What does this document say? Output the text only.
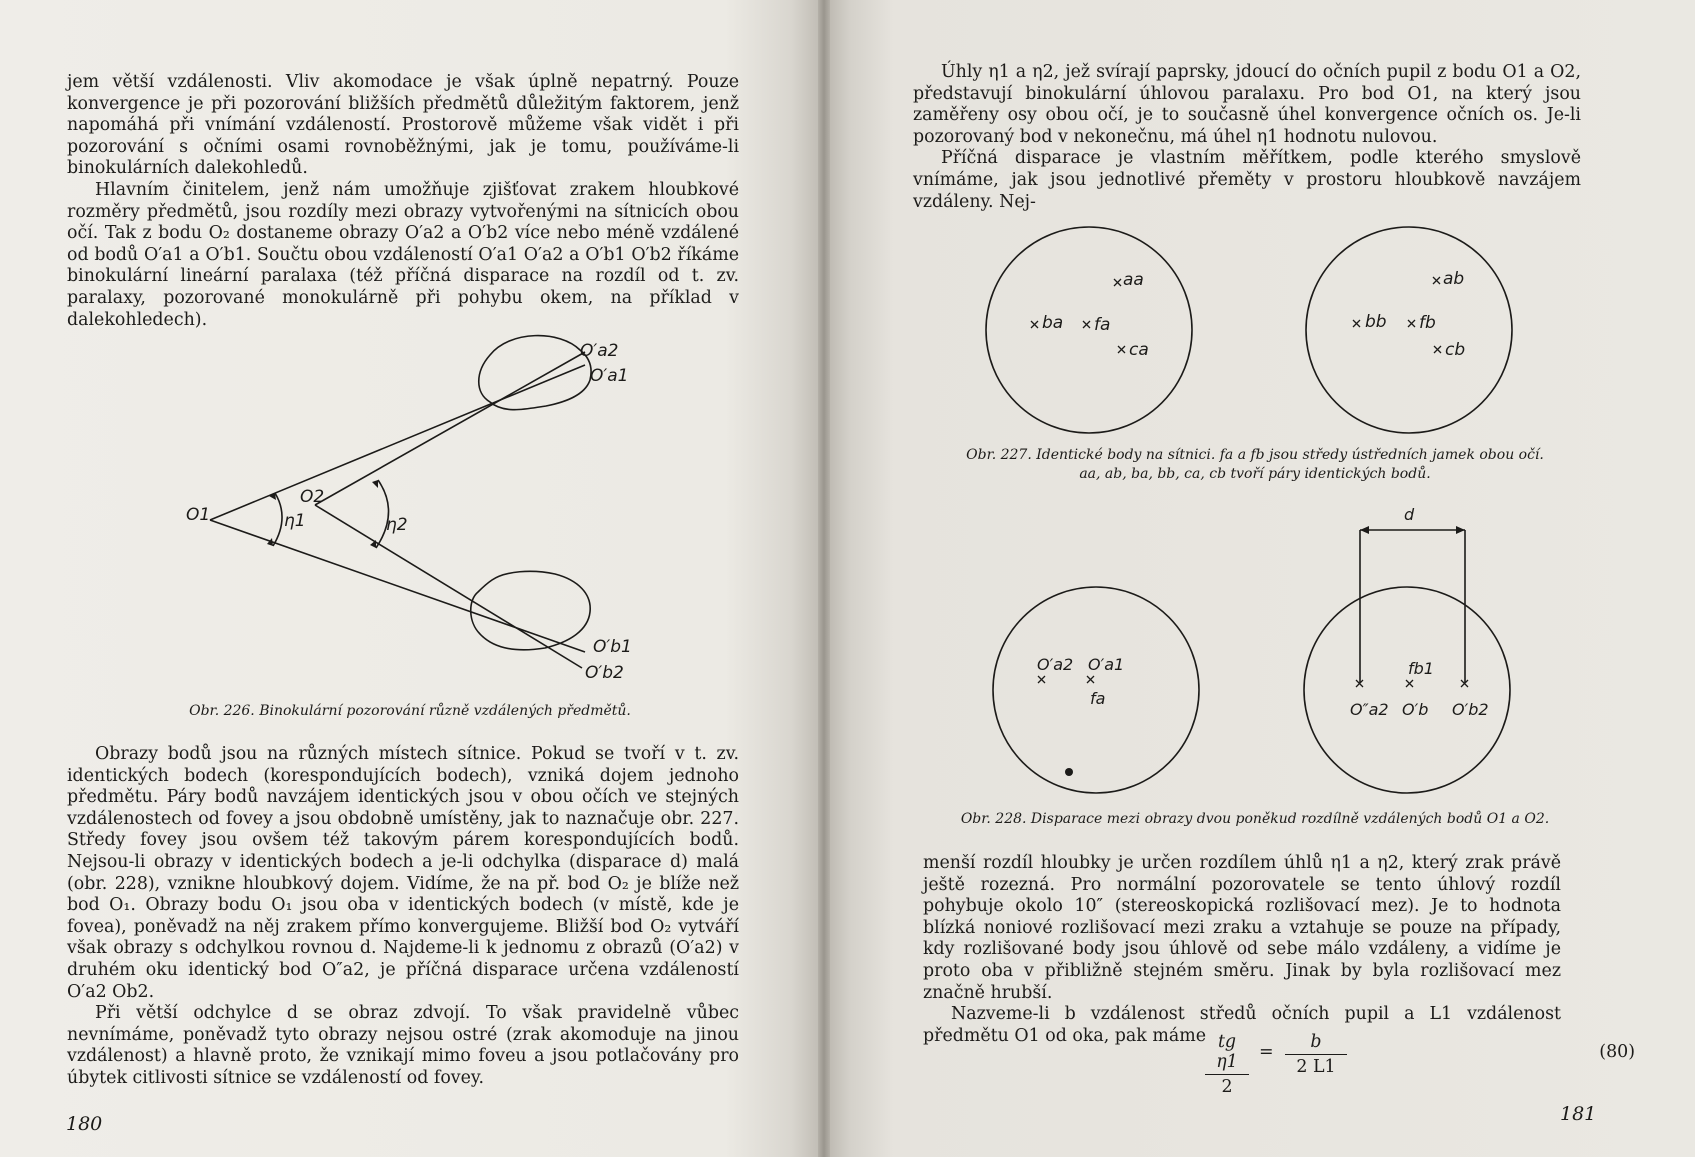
jem větší vzdálenosti. Vliv akomodace je však úplně nepatrný. Pouze konvergence je při pozorování bližších předmětů důležitým faktorem, jenž napomáhá při vnímání vzdáleností. Prostorově můžeme však vidět i při pozorování s očními osami rovnoběžnými, jak je tomu, používáme-li binokulárních dalekohledů.

Hlavním činitelem, jenž nám umožňuje zjišťovat zrakem hloubkové rozměry předmětů, jsou rozdíly mezi obrazy vytvořenými na sítnicích obou očí. Tak z bodu O₂ dostaneme obrazy O′a2 a O′b2 více nebo méně vzdálené od bodů O′a1 a O′b1. Součtu obou vzdáleností O′a1 O′a2 a O′b1 O′b2 říkáme binokulární lineární paralaxa (též příčná disparace na rozdíl od t. zv. paralaxy, pozorované monokulárně při pohybu okem, na příklad v dalekohledech).

O′a2
O′a1
O′b1
O′b2
O1
O2
η1	η2
Obr. 226. Binokulární pozorování různě vzdálených předmětů.

Obrazy bodů jsou na různých místech sítnice. Pokud se tvoří v t. zv. identických bodech (korespondujících bodech), vzniká dojem jednoho předmětu. Páry bodů navzájem identických jsou v obou očích ve stejných vzdálenostech od fovey a jsou obdobně umístěny, jak to naznačuje obr. 227. Středy fovey jsou ovšem též takovým párem korespondujících bodů. Nejsou-li obrazy v identických bodech a je-li odchylka (disparace d) malá (obr. 228), vznikne hloubkový dojem. Vidíme, že na př. bod O₂ je blíže než bod O₁. Obrazy bodu O₁ jsou oba v identických bodech (v místě, kde je fovea), poněvadž na něj zrakem přímo konvergujeme. Bližší bod O₂ vytváří však obrazy s odchylkou rovnou d. Najdeme-li k jednomu z obrazů (O′a2) v druhém oku identický bod O″a2, je příčná disparace určena vzdáleností O′a2 Ob2.

Při větší odchylce d se obraz zdvojí. To však pravidelně vůbec nevnímáme, poněvadž tyto obrazy nejsou ostré (zrak akomoduje na jinou vzdálenost) a hlavně proto, že vznikají mimo foveu a jsou potlačovány pro úbytek citlivosti sítnice se vzdáleností od fovey.

180

Úhly η1 a η2, jež svírají paprsky, jdoucí do očních pupil z bodu O1 a O2, představují binokulární úhlovou paralaxu. Pro bod O1, na který jsou zaměřeny osy obou očí, je to současně úhel konvergence očních os. Je-li pozorovaný bod v nekonečnu, má úhel η1 hodnotu nulovou.

Příčná disparace je vlastním měřítkem, podle kterého smyslově vnímáme, jak jsou jednotlivé přeměty v prostoru hloubkově navzájem vzdáleny. Nej-

aa
ba fa
ca
ab
bb fb
cb
Obr. 227. Identické body na sítnici. fa a fb jsou středy ústředních jamek obou očí.
aa, ab, ba, bb, ca, cb tvoří páry identických bodů.
d
O′a2 O′a1
fa
fb1
O″a2 O′b O′b2
Obr. 228. Disparace mezi obrazy dvou poněkud rozdílně vzdálených bodů O1 a O2.

menší rozdíl hloubky je určen rozdílem úhlů η1 a η2, který zrak právě ještě rozezná. Pro normální pozorovatele se tento úhlový rozdíl pohybuje okolo 10″ (stereoskopická rozlišovací mez). Je to hodnota blízká noniové rozlišovací mezi zraku a vztahuje se pouze na případy, kdy rozlišované body jsou úhlově od sebe málo vzdáleny, a vidíme je proto oba v přibližně stejném směru. Jinak by byla rozlišovací mez značně hrubší.

Nazveme-li b vzdálenost středů očních pupil a L1 vzdálenost předmětu O1 od oka, pak máme $\frac{\text{tg η1}}{2} = \frac{b}{2 L1}$	(80)
181
